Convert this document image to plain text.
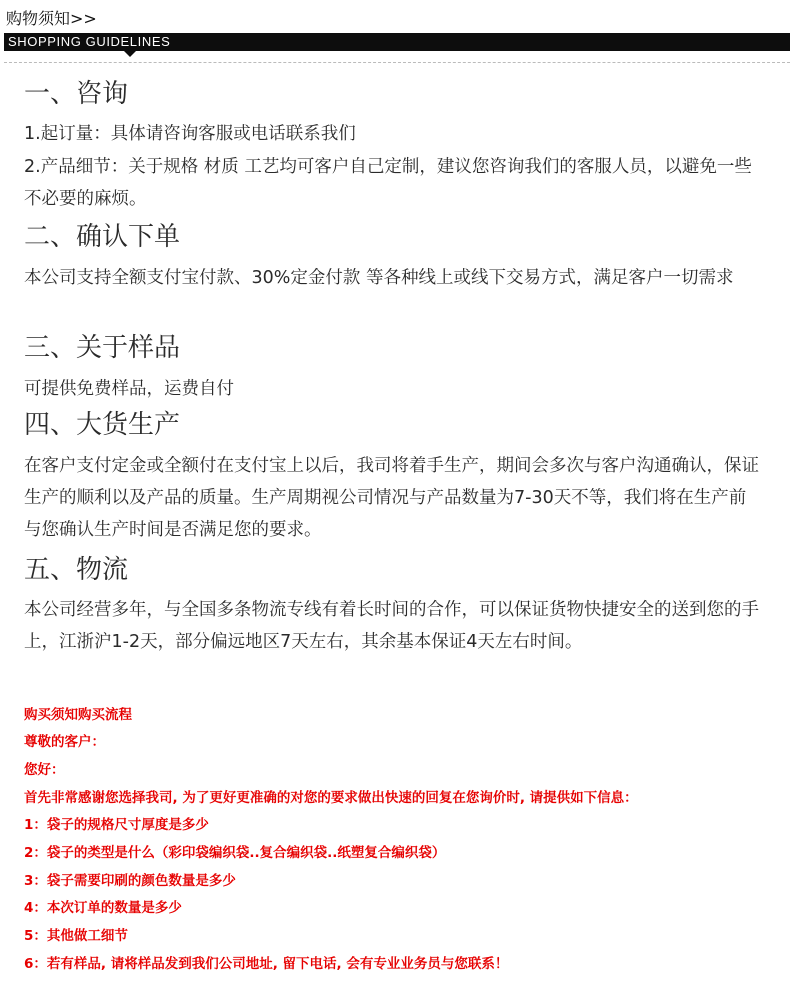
购物须知>>
SHOPPING GUIDELINES
一、咨询

1.起订量：具体请咨询客服或电话联系我们

2.产品细节：关于规格 材质 工艺均可客户自己定制，建议您咨询我们的客服人员，以避免一些不必要的麻烦。

二、确认下单

本公司支持全额支付宝付款、30%定金付款 等各种线上或线下交易方式，满足客户一切需求

三、关于样品

可提供免费样品，运费自付

四、大货生产

在客户支付定金或全额付在支付宝上以后，我司将着手生产，期间会多次与客户沟通确认，保证生产的顺利以及产品的质量。生产周期视公司情况与产品数量为7-30天不等，我们将在生产前与您确认生产时间是否满足您的要求。

五、物流

本公司经营多年，与全国多条物流专线有着长时间的合作，可以保证货物快捷安全的送到您的手上，江浙沪1-2天，部分偏远地区7天左右，其余基本保证4天左右时间。

购买须知购买流程

尊敬的客户：

您好：

首先非常感谢您选择我司, 为了更好更准确的对您的要求做出快速的回复在您询价时, 请提供如下信息：

1：袋子的规格尺寸厚度是多少

2：袋子的类型是什么（彩印袋编织袋..复合编织袋..纸塑复合编织袋）

3：袋子需要印刷的颜色数量是多少

4：本次订单的数量是多少

5：其他做工细节

6：若有样品, 请将样品发到我们公司地址, 留下电话, 会有专业业务员与您联系！
